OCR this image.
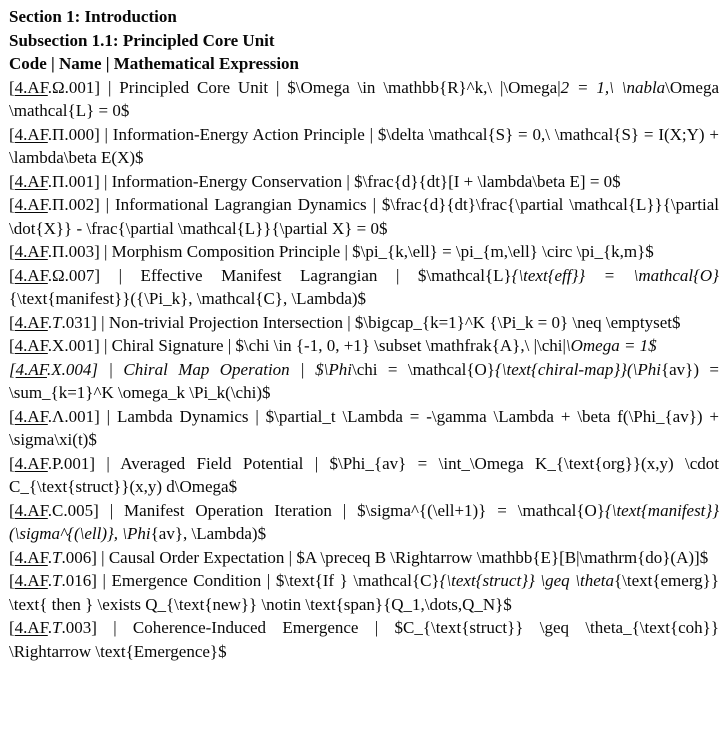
Section 1: Introduction
Subsection 1.1: Principled Core Unit
Code | Name | Mathematical Expression
[4.AF.Ω.001] | Principled Core Unit | $\Omega \in \mathbb{R}^k,\ |\Omega|2 = 1,\ \nabla\Omega \mathcal{L} = 0$
[4.AF.Π.000] | Information-Energy Action Principle | $\delta \mathcal{S} = 0,\ \mathcal{S} = I(X;Y) + \lambda\beta E(X)$
[4.AF.Π.001] | Information-Energy Conservation | $\frac{d}{dt}[I + \lambda\beta E] = 0$
[4.AF.Π.002] | Informational Lagrangian Dynamics | $\frac{d}{dt}\frac{\partial \mathcal{L}}{\partial \dot{X}} - \frac{\partial \mathcal{L}}{\partial X} = 0$
[4.AF.Π.003] | Morphism Composition Principle | $\pi_{k,\ell} = \pi_{m,\ell} \circ \pi_{k,m}$
[4.AF.Ω.007] | Effective Manifest Lagrangian | $\mathcal{L}{\text{eff}} = \mathcal{O}{\text{manifest}}({\Pi_k}, \mathcal{C}, \Lambda)$
[4.AF.T.031] | Non-trivial Projection Intersection | $\bigcap_{k=1}^K {\Pi_k = 0} \neq \emptyset$
[4.AF.X.001] | Chiral Signature | $\chi \in {-1, 0, +1} \subset \mathfrak{A},\ |\chi|\Omega = 1$
[4.AF.X.004] | Chiral Map Operation | $\Phi\chi = \mathcal{O}{\text{chiral-map}}(\Phi{av}) = \sum_{k=1}^K \omega_k \Pi_k(\chi)$
[4.AF.Λ.001] | Lambda Dynamics | $\partial_t \Lambda = -\gamma \Lambda + \beta f(\Phi_{av}) + \sigma\xi(t)$
[4.AF.P.001] | Averaged Field Potential | $\Phi_{av} = \int_\Omega K_{\text{org}}(x,y) \cdot C_{\text{struct}}(x,y) d\Omega$
[4.AF.C.005] | Manifest Operation Iteration | $\sigma^{(\ell+1)} = \mathcal{O}{\text{manifest}}(\sigma^{(\ell)}, \Phi{av}, \Lambda)$
[4.AF.T.006] | Causal Order Expectation | $A \preceq B \Rightarrow \mathbb{E}[B|\mathrm{do}(A)]$
[4.AF.T.016] | Emergence Condition | $\text{If } \mathcal{C}{\text{struct}} \geq \theta{\text{emerg}} \text{ then } \exists Q_{\text{new}} \notin \text{span}{Q_1,\dots,Q_N}$
[4.AF.T.003] | Coherence-Induced Emergence | $C_{\text{struct}} \geq \theta_{\text{coh}} \Rightarrow \text{Emergence}$
